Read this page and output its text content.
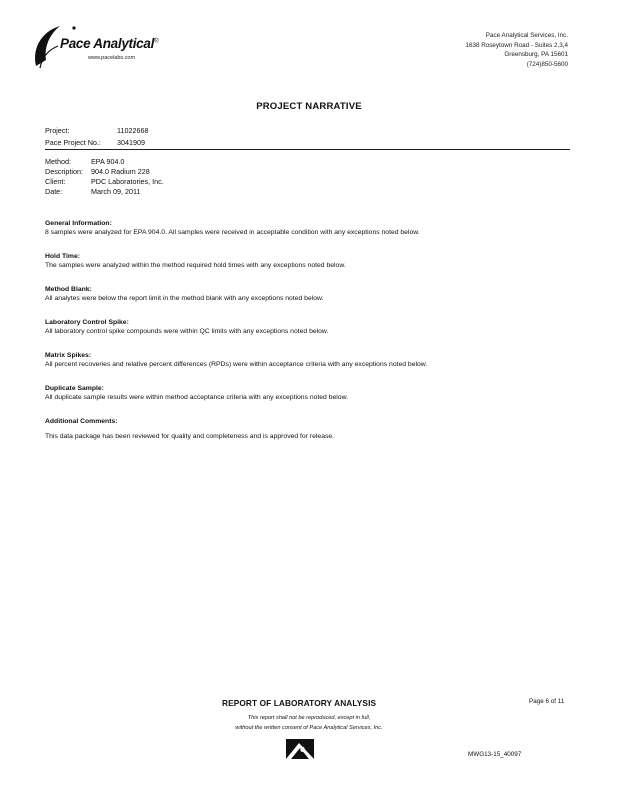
Pace Analytical®
www.pacelabs.com
Pace Analytical Services, Inc.
1638 Roseytown Road - Suites 2,3,4
Greensburg, PA 15601
(724)850-5600
PROJECT NARRATIVE
Project:	11022668
Pace Project No.: 3041909
Method:	EPA 904.0
Description: 904.0 Radium 228
Client:	PDC Laboratories, Inc.
Date:	March 09, 2011
General Information:
8 samples were analyzed for EPA 904.0. All samples were received in acceptable condition with any exceptions noted below.
Hold Time:
The samples were analyzed within the method required hold times with any exceptions noted below.
Method Blank:
All analytes were below the report limit in the method blank with any exceptions noted below.
Laboratory Control Spike:
All laboratory control spike compounds were within QC limits with any exceptions noted below.
Matrix Spikes:
All percent recoveries and relative percent differences (RPDs) were within acceptance criteria with any exceptions noted below.
Duplicate Sample:
All duplicate sample results were within method acceptance criteria with any exceptions noted below.
Additional Comments:
This data package has been reviewed for quality and completeness and is approved for release.
REPORT OF LABORATORY ANALYSIS	Page 6 of 11
This report shall not be reproduced, except in full,
without the written consent of Pace Analytical Services, Inc.
e	MWG13-15_40097
